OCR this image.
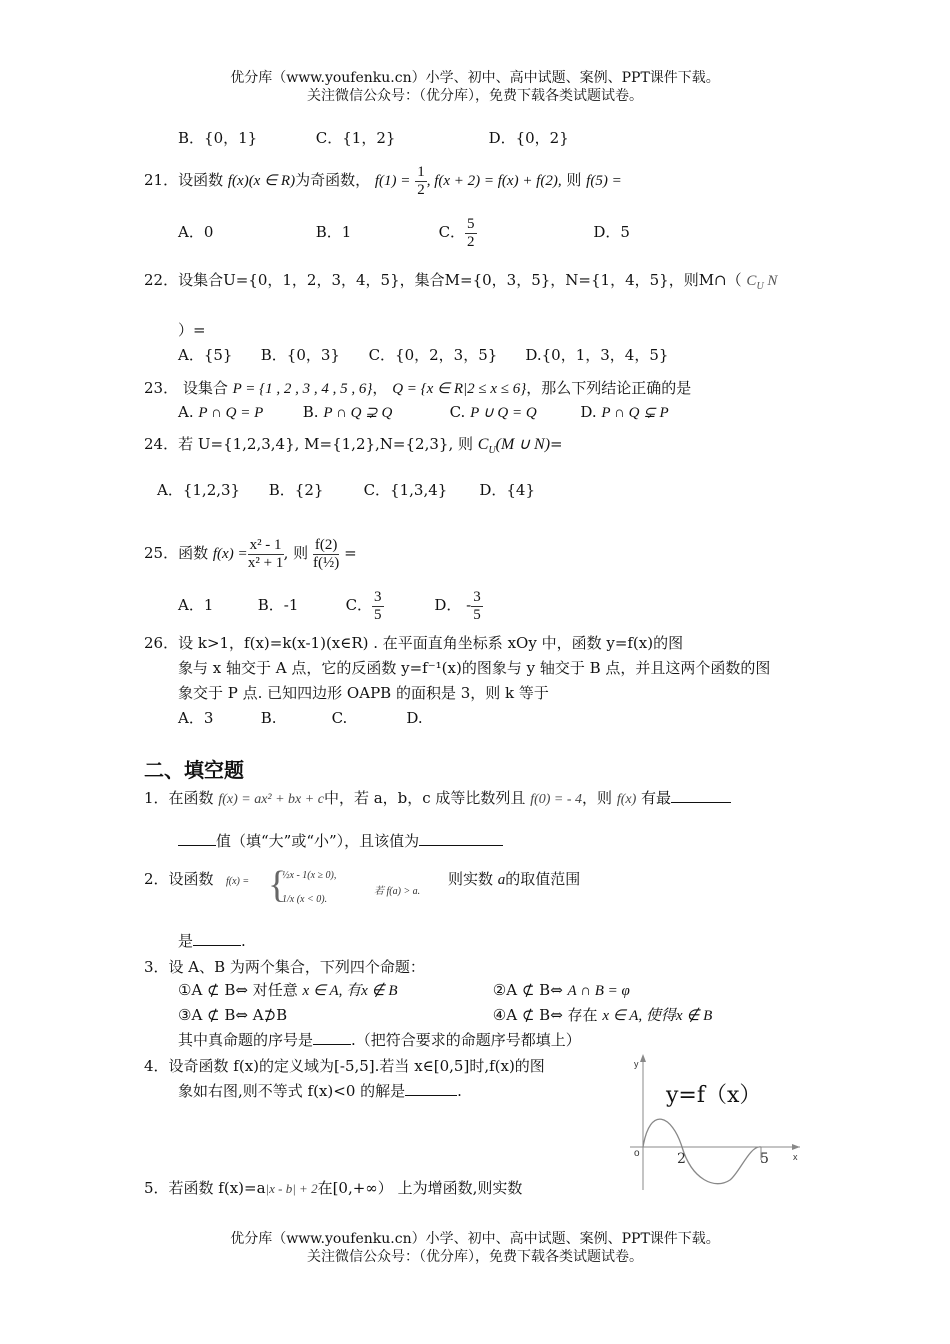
优分库（www.youfenku.cn）小学、初中、高中试题、案例、PPT课件下载。
关注微信公众号：（优分库），免费下载各类试题试卷。
B．{0，1}	C．{1，2}	D．{0，2}
21．设函数 f(x)(x ∈ R)为奇函数， $f(1) = \frac{1}{2}$ , f(x + 2) = f(x) + f(2), 则 f(5) =
A．0	B．1	C． $\frac{5}{2}$	D．5
22．设集合U={0，1，2，3，4，5}，集合M={0，3，5}，N={1，4，5}，则M∩（ $C_U$ N
）=
A．{5} B．{0，3} C．{0，2，3，5} D.{0，1，3，4，5}
23． 设集合 P = {1 , 2 , 3 , 4 , 5 , 6}， Q = {x ∈ R|2 ≤ x ≤ 6}，那么下列结论正确的是
A. P ∩ Q = P	B. P ∩ Q ⊋ Q	C. P ∪ Q = Q	D. P ∩ Q ⊊ P
24．若 U={1,2,3,4}, M={1,2},N={2,3}, 则 $C_U(M$ ∪ N)=
A．{1,2,3} B．{2}	C．{1,3,4} D．{4}
25．函数 $f(x) = \frac{\text{x² - 1}}{\text{x² + 1}}$ , 则 $\frac{f(2)}{\text{f(½)}}$ =
A．1	B．-1	C． $\frac{3}{5}$	D． - $\frac{3}{5}$
26．设 k>1，f(x)=k(x-1)(x∈R) . 在平面直角坐标系 xOy 中，函数 y=f(x)的图
象与 x 轴交于 A 点，它的反函数 y=f⁻¹(x)的图象与 y 轴交于 B 点，并且这两个函数的图
象交于 P 点. 已知四边形 OAPB 的面积是 3，则 k 等于
A．3	B.	C.	D.
二、填空题
1．在函数 f(x) = ax² + bx + c中，若 a，b，c 成等比数列且 f(0) = - 4，则 f(x) 有最
值（填“大”或“小”），且该值为
2．设函数 f(x) = {
½x - 1(x ≥ 0),
1/x (x < 0).
若 f(a) > a.
则实数 a的取值范围
是	.
3．设 A、B 为两个集合，下列四个命题：
①A ⊄ B⇔ 对任意 x ∈ A, 有x ∉ B	②A ⊄ B⇔ A ∩ B = φ
③A ⊄ B⇔ A⊅B	④A ⊄ B⇔ 存在 x ∈ A, 使得x ∉ B
其中真命题的序号是	.（把符合要求的命题序号都填上）
4．设奇函数 f(x)的定义域为[-5,5].若当 x∈[0,5]时,f(x)的图
象如右图,则不等式 f(x)<0 的解是	.
y
x
o	2	5
y=f（x）
5．若函数 f(x)=a|x - b| + 2在[0,+∞） 上为增函数,则实数
优分库（www.youfenku.cn）小学、初中、高中试题、案例、PPT课件下载。
关注微信公众号：（优分库），免费下载各类试题试卷。
